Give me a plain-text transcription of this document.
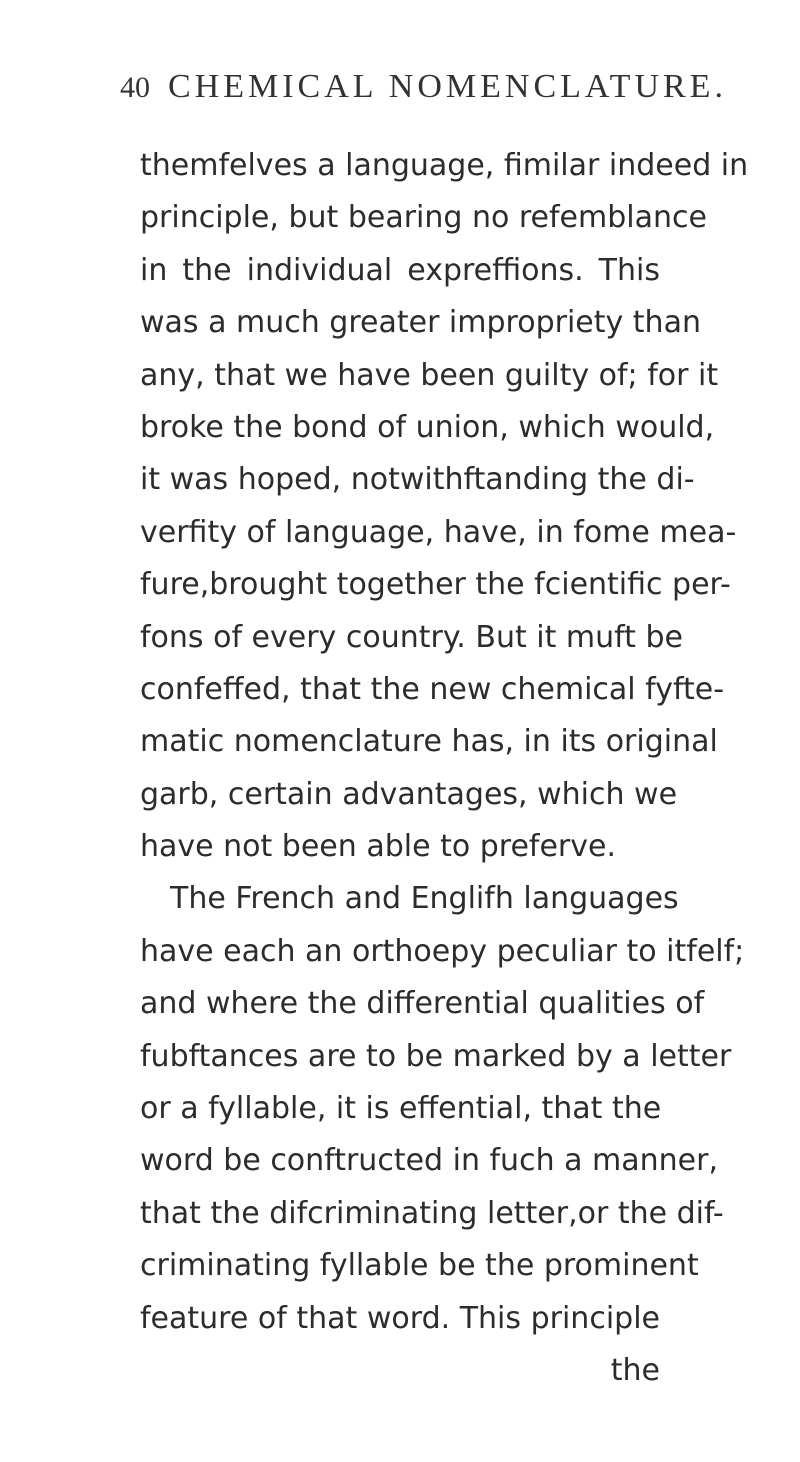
40 CHEMICAL NOMENCLATURE.
themfelves a language, fimilar indeed in
principle, but bearing no refemblance
in the individual expreffions. This
was a much greater impropriety than
any, that we have been guilty of; for it
broke the bond of union, which would,
it was hoped, notwithftanding the di-
verfity of language, have, in fome mea-
fure,brought together the fcientific per-
fons of every country. But it muft be
confeffed, that the new chemical fyfte-
matic nomenclature has, in its original
garb, certain advantages, which we
have not been able to preferve.
The French and Englifh languages
have each an orthoepy peculiar to itfelf;
and where the differential qualities of
fubftances are to be marked by a letter
or a fyllable, it is effential, that the
word be conftructed in fuch a manner,
that the difcriminating letter,or the dif-
criminating fyllable be the prominent
feature of that word. This principle
the
